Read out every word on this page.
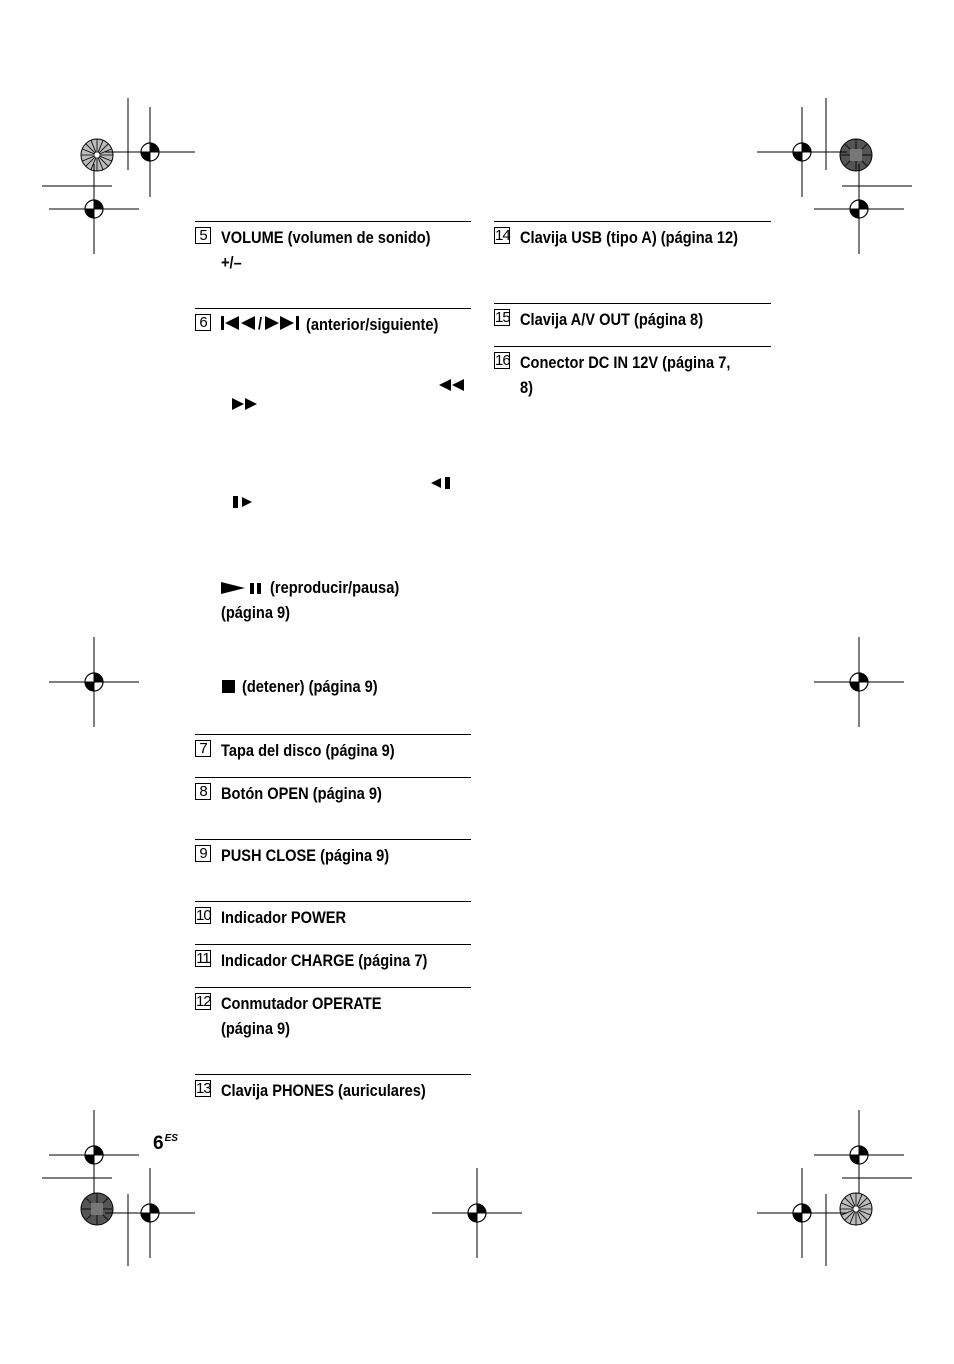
5 VOLUME (volumen de sonido)
+/–
6	/	(anterior/siguiente)
(reproducir/pausa)
(página 9)
(detener) (página 9)
7 Tapa del disco (página 9)
8 Botón OPEN (página 9)
9 PUSH CLOSE (página 9)
10 Indicador POWER
11 Indicador CHARGE (página 7)
12 Conmutador OPERATE
(página 9)
13 Clavija PHONES (auriculares)
14 Clavija USB (tipo A) (página 12)
15 Clavija A/V OUT (página 8)
16 Conector DC IN 12V (página 7,
8)
$6^{ES}$
